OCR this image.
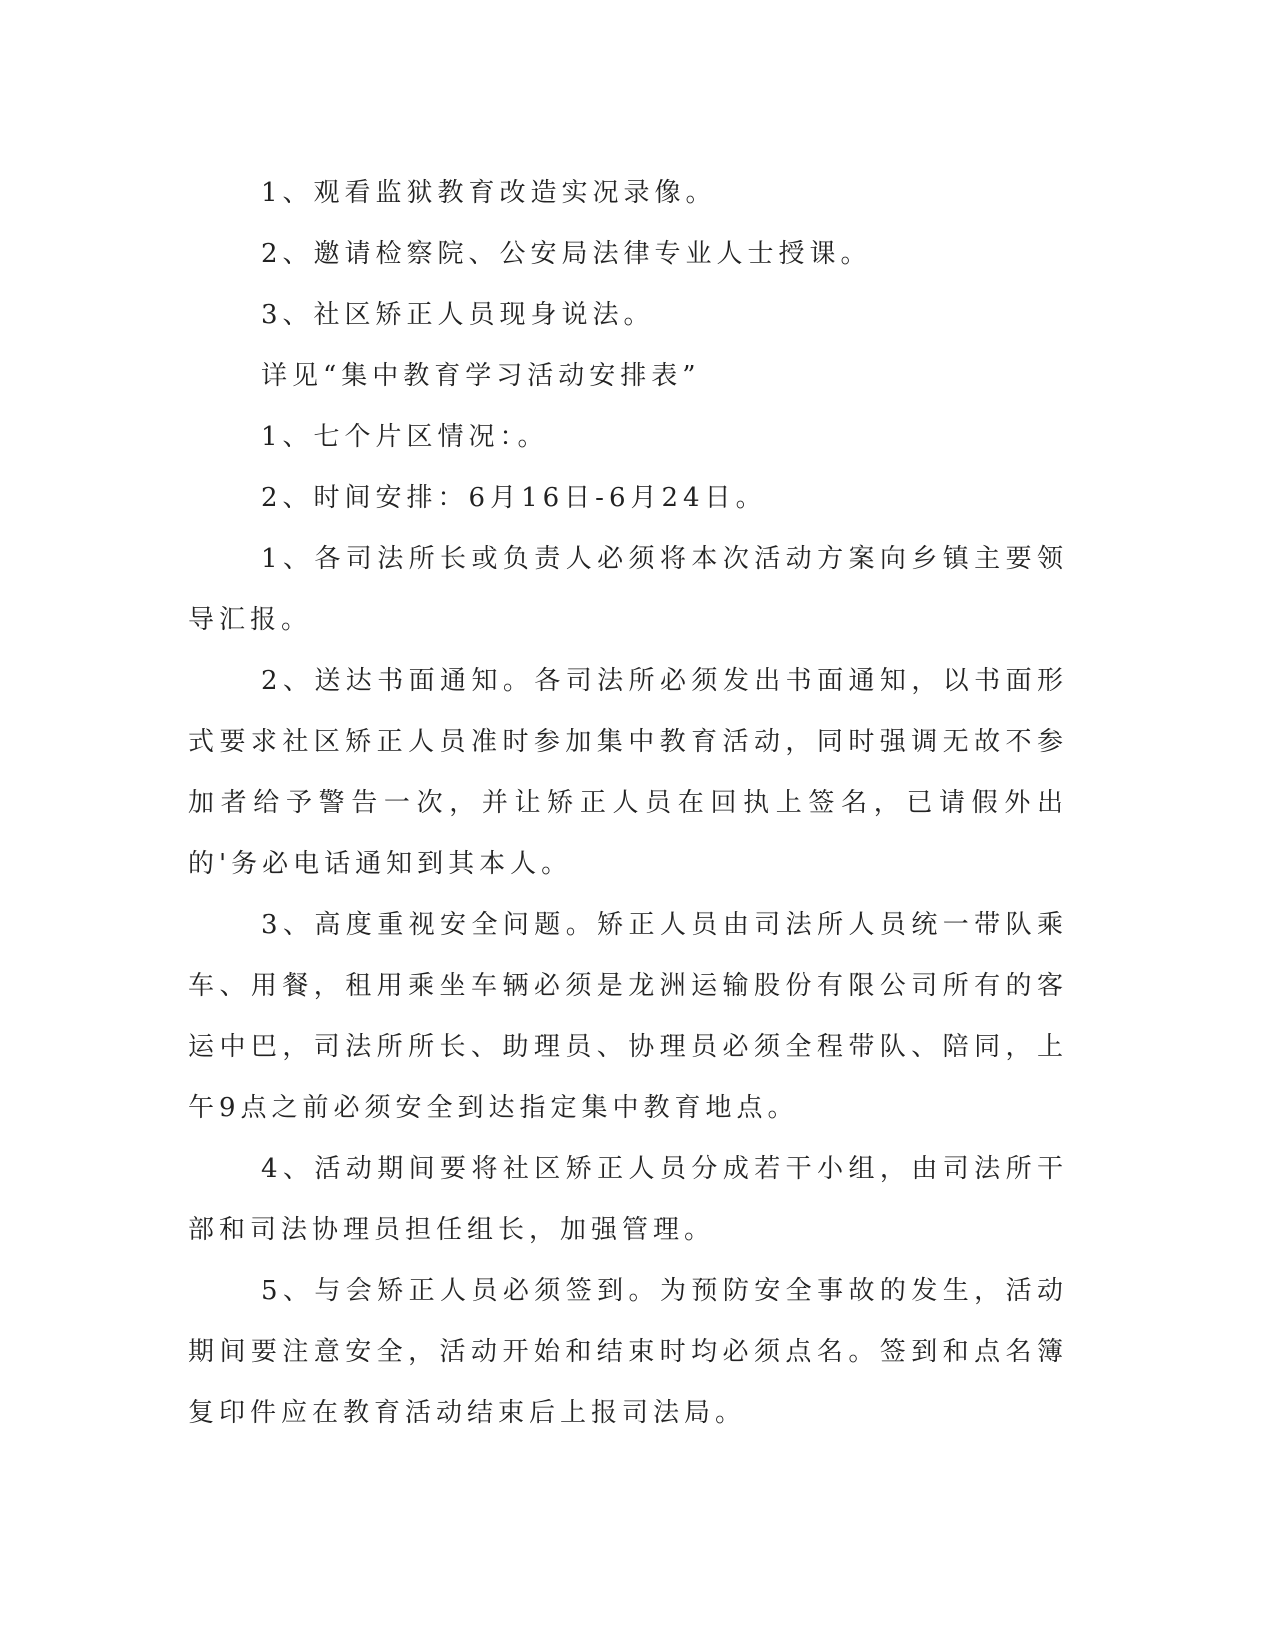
1、观看监狱教育改造实况录像。

2、邀请检察院、公安局法律专业人士授课。

3、社区矫正人员现身说法。

详见“集中教育学习活动安排表”

1、七个片区情况：。

2、时间安排：6月16日-6月24日。

1、各司法所长或负责人必须将本次活动方案向乡镇主要领导汇报。

2、送达书面通知。各司法所必须发出书面通知，以书面形式要求社区矫正人员准时参加集中教育活动，同时强调无故不参加者给予警告一次，并让矫正人员在回执上签名，已请假外出的'务必电话通知到其本人。

3、高度重视安全问题。矫正人员由司法所人员统一带队乘车、用餐，租用乘坐车辆必须是龙洲运输股份有限公司所有的客运中巴，司法所所长、助理员、协理员必须全程带队、陪同，上午9点之前必须安全到达指定集中教育地点。

4、活动期间要将社区矫正人员分成若干小组，由司法所干部和司法协理员担任组长，加强管理。

5、与会矫正人员必须签到。为预防安全事故的发生，活动期间要注意安全，活动开始和结束时均必须点名。签到和点名簿复印件应在教育活动结束后上报司法局。
